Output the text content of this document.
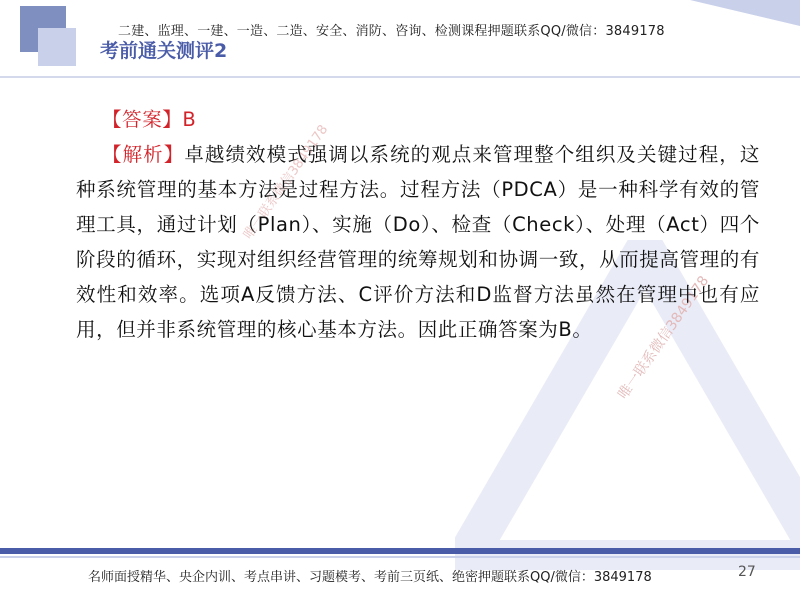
二建、监理、一建、一造、二造、安全、消防、咨询、检测课程押题联系QQ/微信：3849178
考前通关测评2
唯一联系微信3849178
唯一联系微信3849178

【答案】B

【解析】卓越绩效模式强调以系统的观点来管理整个组织及关键过程，这种系统管理的基本方法是过程方法。过程方法（PDCA）是一种科学有效的管理工具，通过计划（Plan）、实施（Do）、检查（Check）、处理（Act）四个阶段的循环，实现对组织经营管理的统筹规划和协调一致，从而提高管理的有效性和效率。选项A反馈方法、C评价方法和D监督方法虽然在管理中也有应用，但并非系统管理的核心基本方法。因此正确答案为B。

名师面授精华、央企内训、考点串讲、习题模考、考前三页纸、绝密押题联系QQ/微信：3849178	27
